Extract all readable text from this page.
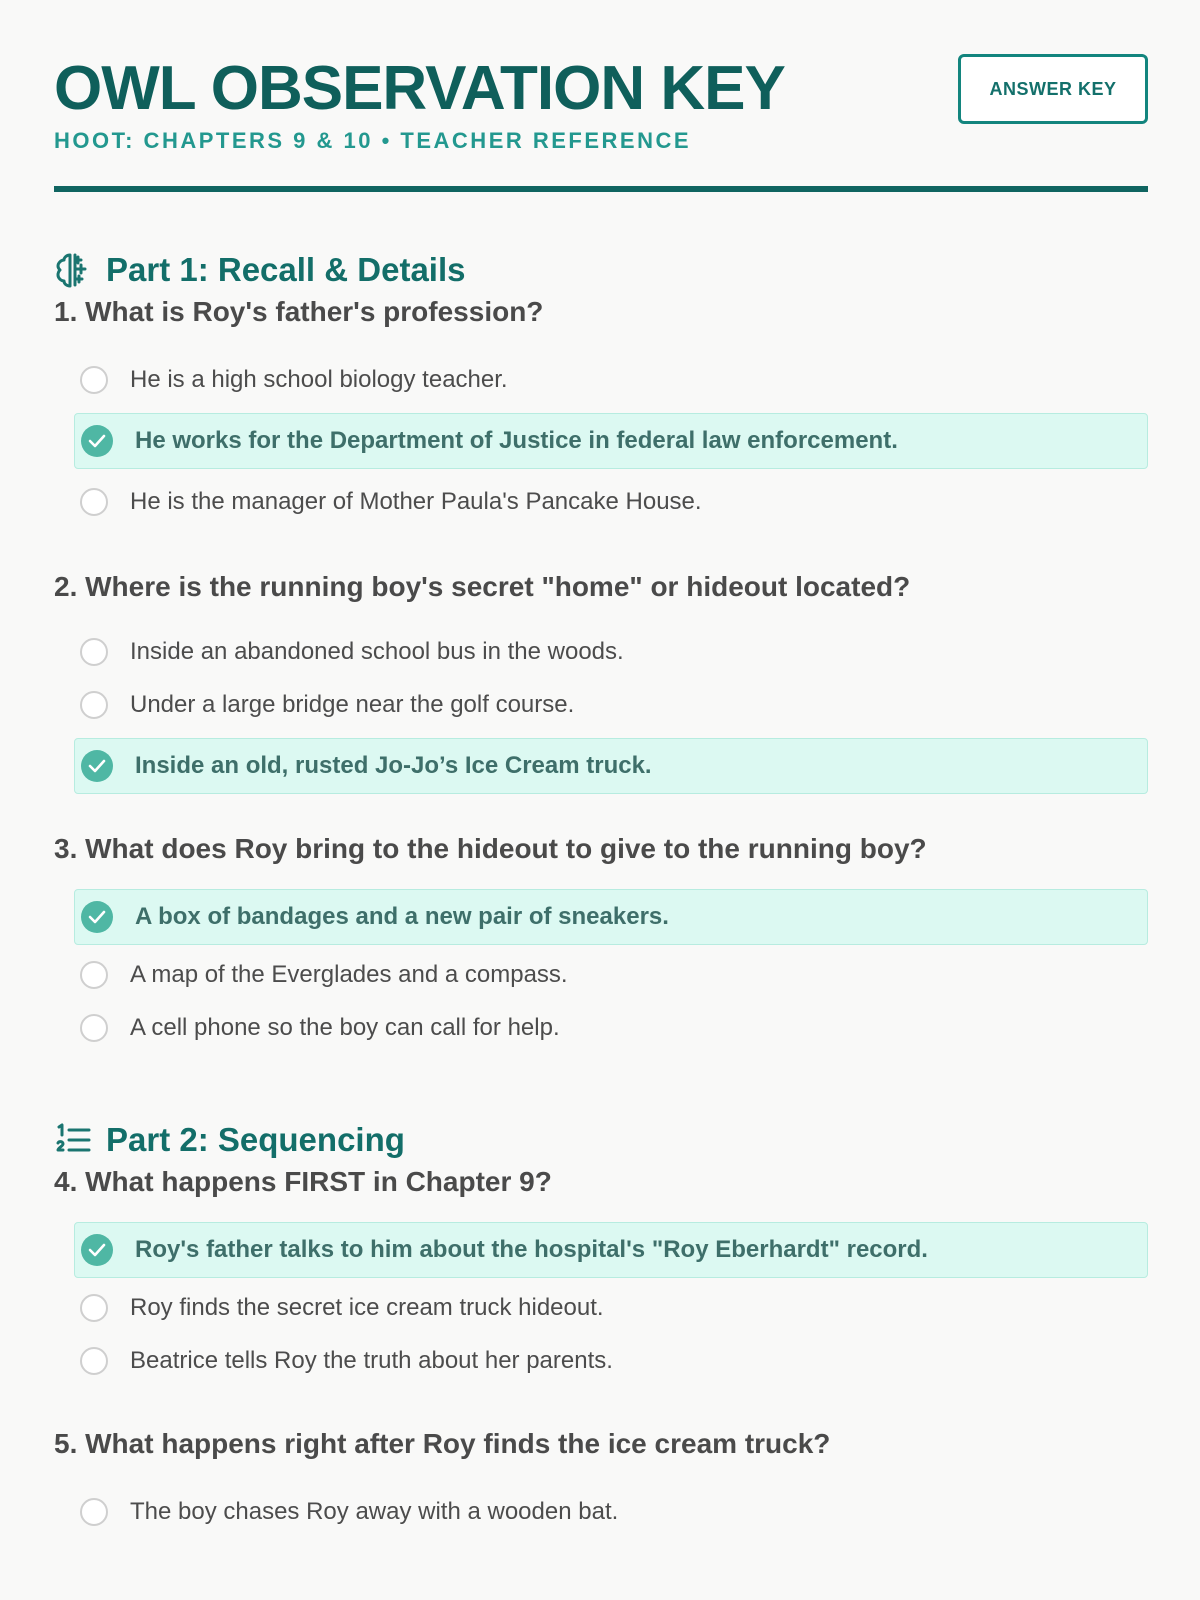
OWL OBSERVATION KEY
HOOT: CHAPTERS 9 & 10 • TEACHER REFERENCE
ANSWER KEY
Part 1: Recall & Details

1. What is Roy's father's profession?

He is a high school biology teacher.
He works for the Department of Justice in federal law enforcement.
He is the manager of Mother Paula's Pancake House.

2. Where is the running boy's secret "home" or hideout located?

Inside an abandoned school bus in the woods.
Under a large bridge near the golf course.
Inside an old, rusted Jo-Jo’s Ice Cream truck.

3. What does Roy bring to the hideout to give to the running boy?

A box of bandages and a new pair of sneakers.
A map of the Everglades and a compass.
A cell phone so the boy can call for help.
Part 2: Sequencing

4. What happens FIRST in Chapter 9?

Roy's father talks to him about the hospital's "Roy Eberhardt" record.
Roy finds the secret ice cream truck hideout.
Beatrice tells Roy the truth about her parents.

5. What happens right after Roy finds the ice cream truck?

The boy chases Roy away with a wooden bat.
